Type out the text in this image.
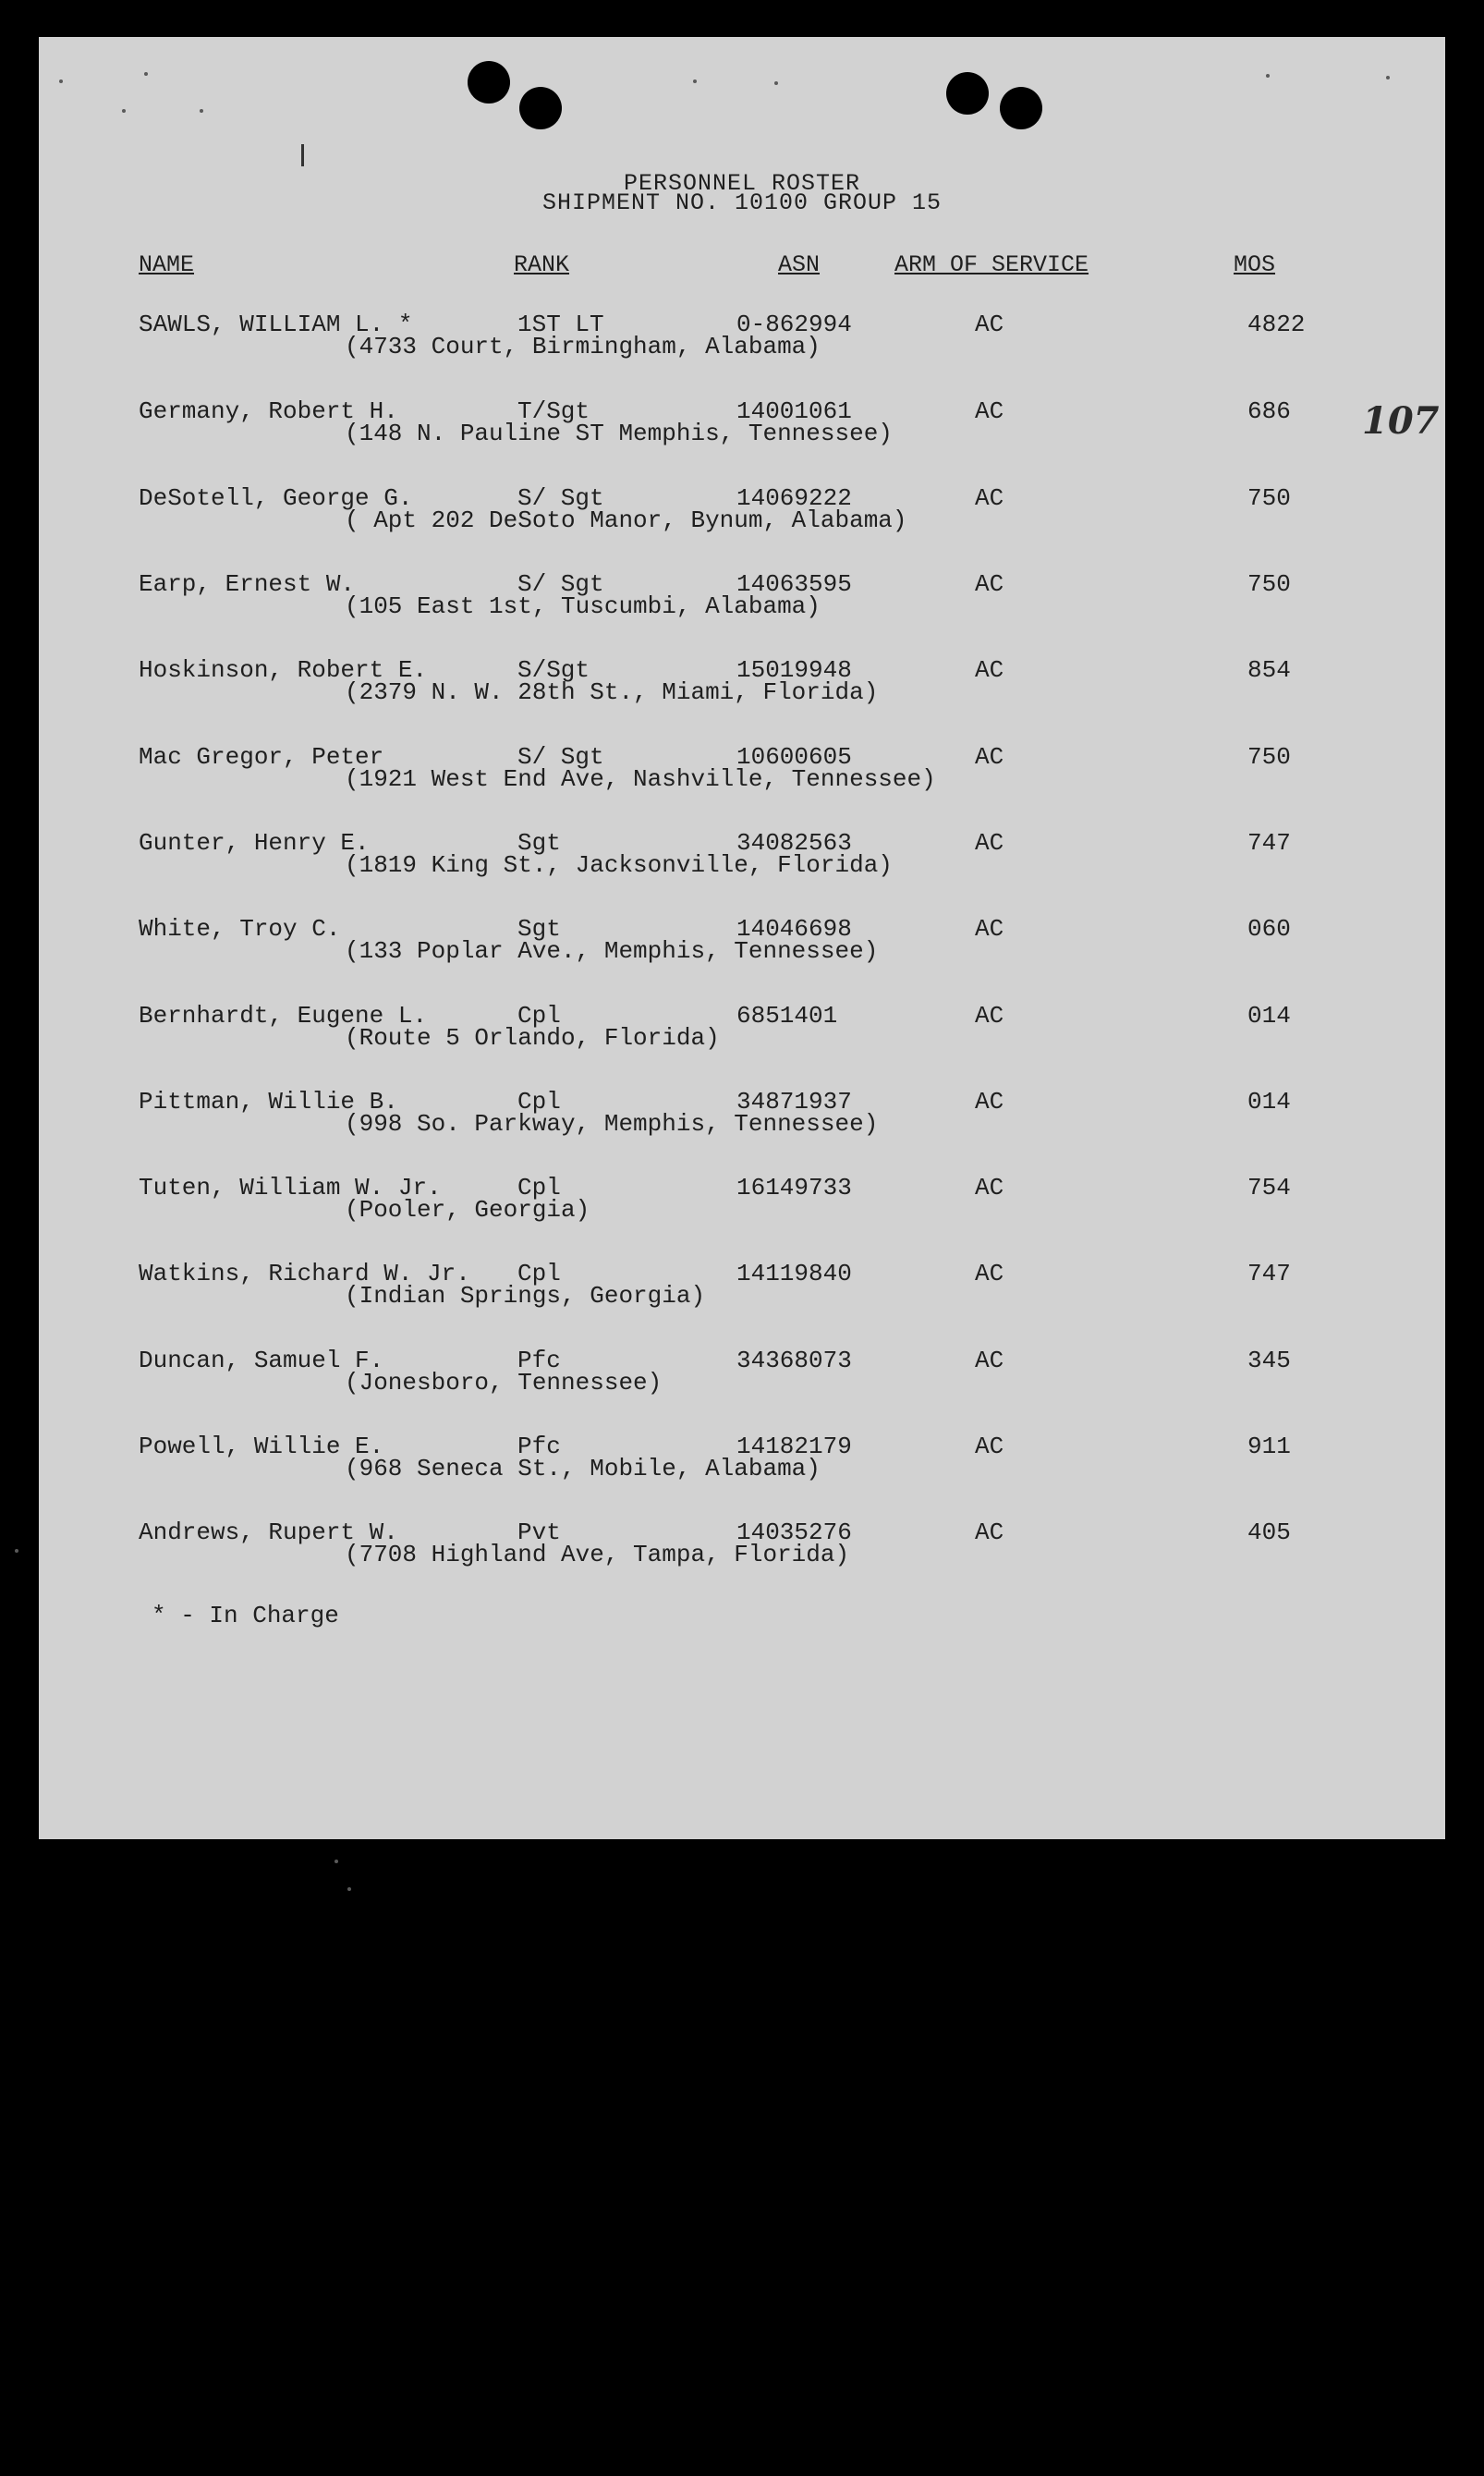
107
PERSONNEL ROSTER
SHIPMENT NO. 10100 GROUP 15
NAME	RANK	ASN	ARM OF SERVICE	MOS
SAWLS, WILLIAM L. *	1ST LT	0-862994	AC	4822
(4733 Court, Birmingham, Alabama)
Germany, Robert H.	T/Sgt	14001061	AC	686
(148 N. Pauline ST Memphis, Tennessee)
DeSotell, George G.	S/ Sgt	14069222	AC	750
( Apt 202 DeSoto Manor, Bynum, Alabama)
Earp, Ernest W.	S/ Sgt	14063595	AC	750
(105 East 1st, Tuscumbi, Alabama)
Hoskinson, Robert E.	S/Sgt	15019948	AC	854
(2379 N. W. 28th St., Miami, Florida)
Mac Gregor, Peter	S/ Sgt	10600605	AC	750
(1921 West End Ave, Nashville, Tennessee)
Gunter, Henry E.	Sgt	34082563	AC	747
(1819 King St., Jacksonville, Florida)
White, Troy C.	Sgt	14046698	AC	060
(133 Poplar Ave., Memphis, Tennessee)
Bernhardt, Eugene L.	Cpl	6851401	AC	014
(Route 5 Orlando, Florida)
Pittman, Willie B.	Cpl	34871937	AC	014
(998 So. Parkway, Memphis, Tennessee)
Tuten, William W. Jr.	Cpl	16149733	AC	754
(Pooler, Georgia)
Watkins, Richard W. Jr. Cpl	14119840	AC	747
(Indian Springs, Georgia)
Duncan, Samuel F.	Pfc	34368073	AC	345
(Jonesboro, Tennessee)
Powell, Willie E.	Pfc	14182179	AC	911
(968 Seneca St., Mobile, Alabama)
Andrews, Rupert W.	Pvt	14035276	AC	405
(7708 Highland Ave, Tampa, Florida)
* - In Charge
